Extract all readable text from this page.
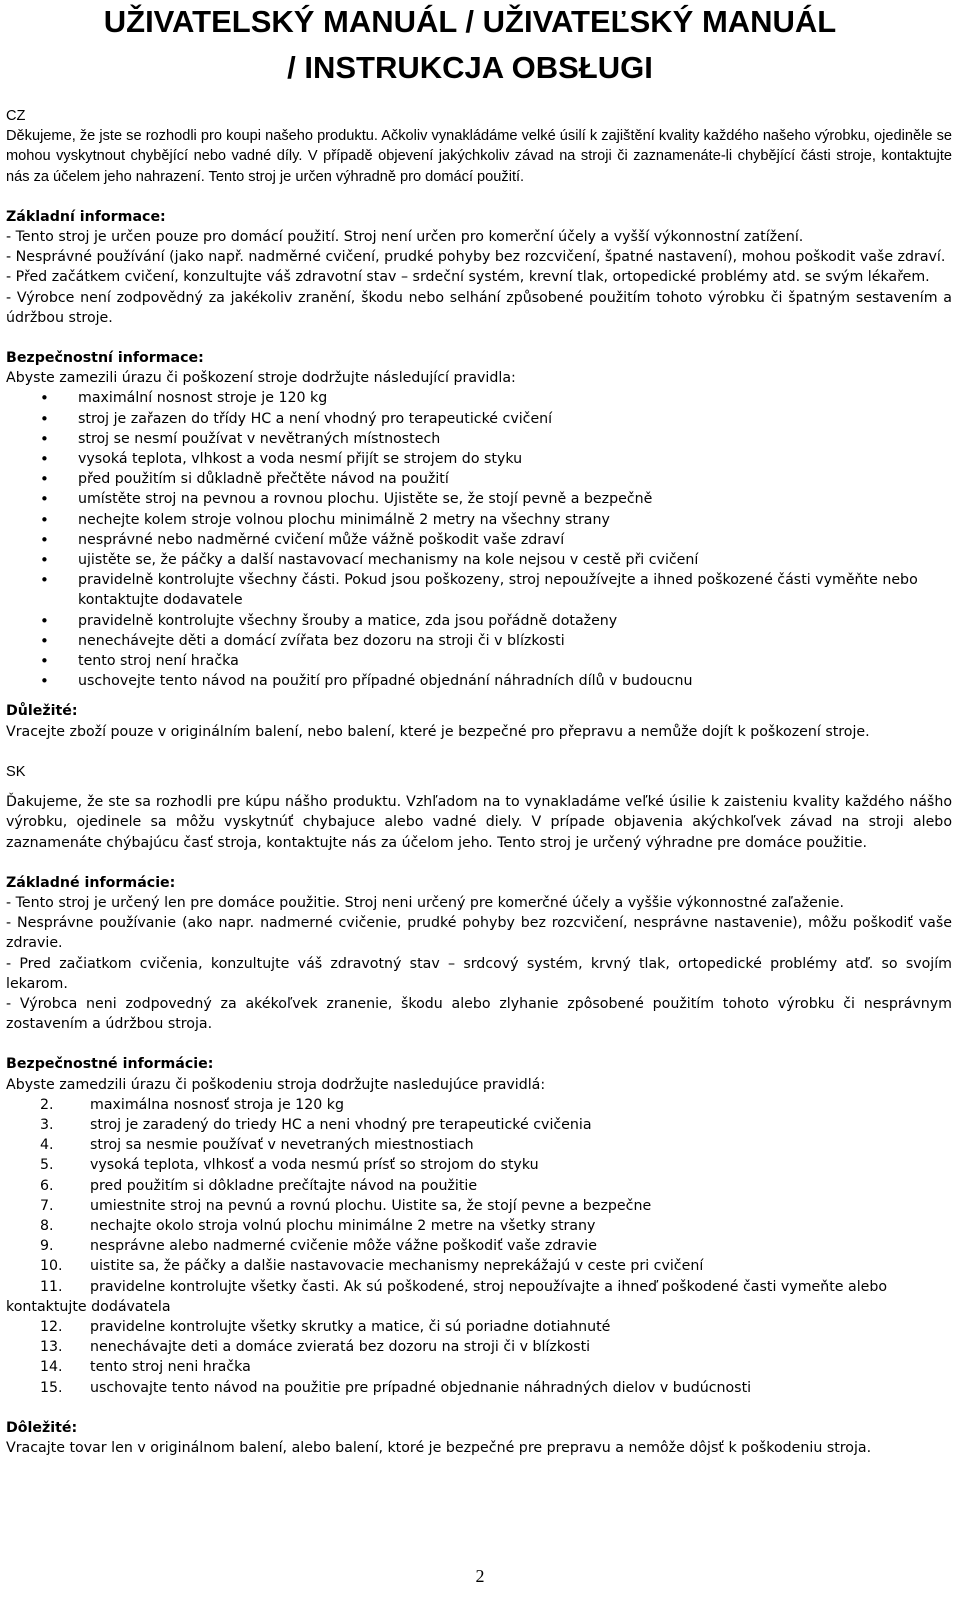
UŽIVATELSKÝ MANUÁL / UŽIVATEĽSKÝ MANUÁL
/ INSTRUKCJA OBSŁUGI

CZ

Děkujeme, že jste se rozhodli pro koupi našeho produktu. Ačkoliv vynakládáme velké úsilí k zajištění kvality každého našeho výrobku, ojediněle se mohou vyskytnout chybějící nebo vadné díly. V případě objevení jakýchkoliv závad na stroji či zaznamenáte-li chybějící části stroje, kontaktujte nás za účelem jeho nahrazení. Tento stroj je určen výhradně pro domácí použití.

Základní informace:

- Tento stroj je určen pouze pro domácí použití. Stroj není určen pro komerční účely a vyšší výkonnostní zatížení.

- Nesprávné používání (jako např. nadměrné cvičení, prudké pohyby bez rozcvičení, špatné nastavení), mohou poškodit vaše zdraví.

- Před začátkem cvičení, konzultujte váš zdravotní stav – srdeční systém, krevní tlak, ortopedické problémy atd. se svým lékařem.

- Výrobce není zodpovědný za jakékoliv zranění, škodu nebo selhání způsobené použitím tohoto výrobku či špatným sestavením a údržbou stroje.

Bezpečnostní informace:

Abyste zamezili úrazu či poškození stroje dodržujte následující pravidla:

• maximální nosnost stroje je 120 kg
• stroj je zařazen do třídy HC a není vhodný pro terapeutické cvičení
• stroj se nesmí používat v nevětraných místnostech
• vysoká teplota, vlhkost a voda nesmí přijít se strojem do styku
• před použitím si důkladně přečtěte návod na použití
• umístěte stroj na pevnou a rovnou plochu. Ujistěte se, že stojí pevně a bezpečně
• nechejte kolem stroje volnou plochu minimálně 2 metry na všechny strany
• nesprávné nebo nadměrné cvičení může vážně poškodit vaše zdraví
• ujistěte se, že páčky a další nastavovací mechanismy na kole nejsou v cestě při cvičení
• pravidelně kontrolujte všechny části. Pokud jsou poškozeny, stroj nepoužívejte a ihned poškozené části vyměňte nebo kontaktujte dodavatele
• pravidelně kontrolujte všechny šrouby a matice, zda jsou pořádně dotaženy
• nenechávejte děti a domácí zvířata bez dozoru na stroji či v blízkosti
• tento stroj není hračka
• uschovejte tento návod na použití pro případné objednání náhradních dílů v budoucnu

Důležité:

Vracejte zboží pouze v originálním balení, nebo balení, které je bezpečné pro přepravu a nemůže dojít k poškození stroje.

SK

Ďakujeme, že ste sa rozhodli pre kúpu nášho produktu. Vzhľadom na to vynakladáme veľké úsilie k zaisteniu kvality každého nášho výrobku, ojedinele sa môžu vyskytnúť chybajuce alebo vadné diely. V prípade objavenia akýchkoľvek závad na stroji alebo zaznamenáte chýbajúcu časť stroja, kontaktujte nás za účelom jeho. Tento stroj je určený výhradne pre domáce použitie.

Základné informácie:

- Tento stroj je určený len pre domáce použitie. Stroj neni určený pre komerčné účely a vyššie výkonnostné zaľaženie.

- Nesprávne používanie (ako napr. nadmerné cvičenie, prudké pohyby bez rozcvičení, nesprávne nastavenie), môžu poškodiť vaše zdravie.

- Pred začiatkom cvičenia, konzultujte váš zdravotný stav – srdcový systém, krvný tlak, ortopedické problémy atď. so svojím lekarom.

- Výrobca neni zodpovedný za akékoľvek zranenie, škodu alebo zlyhanie zpôsobené použitím tohoto výrobku či nesprávnym zostavením a údržbou stroja.

Bezpečnostné informácie:

Abyste zamedzili úrazu či poškodeniu stroja dodržujte nasledujúce pravidlá:

2.	maximálna nosnosť stroja je 120 kg
3.	stroj je zaradený do triedy HC a neni vhodný pre terapeutické cvičenia
4.	stroj sa nesmie používať v nevetraných miestnostiach
5.	vysoká teplota, vlhkosť a voda nesmú prísť so strojom do styku
6.	pred použitím si dôkladne prečítajte návod na použitie
7.	umiestnite stroj na pevnú a rovnú plochu. Uistite sa, že stojí pevne a bezpečne
8.	nechajte okolo stroja volnú plochu minimálne 2 metre na všetky strany
9.	nesprávne alebo nadmerné cvičenie môže vážne poškodiť vaše zdravie
10. uistite sa, že páčky a dalšie nastavovacie mechanismy neprekážajú v ceste pri cvičení
11. pravidelne kontrolujte všetky časti. Ak sú poškodené, stroj nepoužívajte a ihneď poškodené časti vymeňte alebo kontaktujte dodávatela
12. pravidelne kontrolujte všetky skrutky a matice, či sú poriadne dotiahnuté
13. nenechávajte deti a domáce zvieratá bez dozoru na stroji či v blízkosti
14. tento stroj neni hračka
15. uschovajte tento návod na použitie pre prípadné objednanie náhradných dielov v budúcnosti

Dôležité:

Vracajte tovar len v originálnom balení, alebo balení, ktoré je bezpečné pre prepravu a nemôže dôjsť k poškodeniu stroja.

2
